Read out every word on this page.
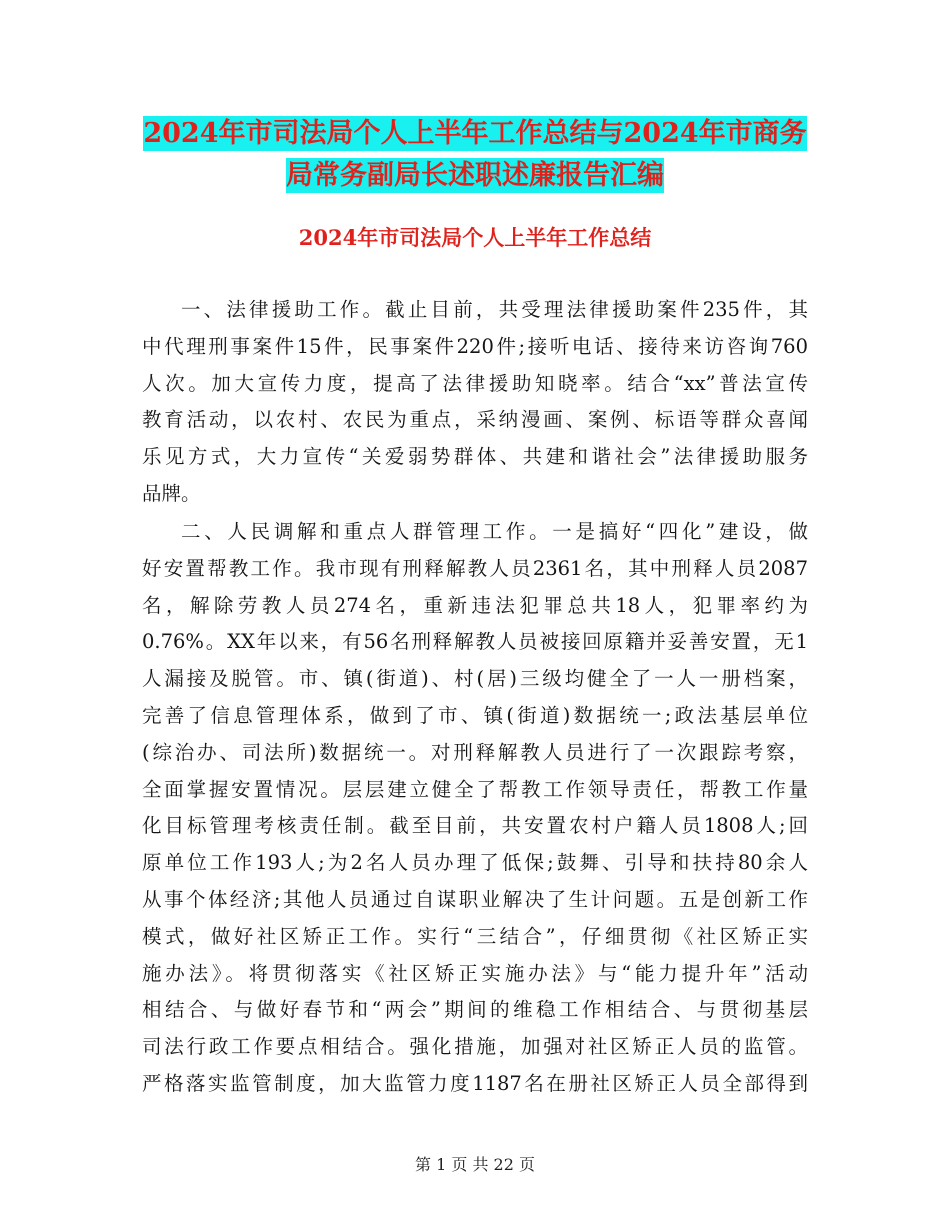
2024年市司法局个人上半年工作总结与2024年市商务
局常务副局长述职述廉报告汇编
2024年市司法局个人上半年工作总结

一、法律援助工作。截止目前，共受理法律援助案件235件，其
中代理刑事案件15件，民事案件220件;接听电话、接待来访咨询760
人次。加大宣传力度，提高了法律援助知晓率。结合“xx”普法宣传
教育活动，以农村、农民为重点，采纳漫画、案例、标语等群众喜闻
乐见方式，大力宣传“关爱弱势群体、共建和谐社会”法律援助服务
品牌。

二、人民调解和重点人群管理工作。一是搞好“四化”建设，做
好安置帮教工作。我市现有刑释解教人员2361名，其中刑释人员2087
名，解除劳教人员274名，重新违法犯罪总共18人，犯罪率约为
0.76%。XX年以来，有56名刑释解教人员被接回原籍并妥善安置，无1
人漏接及脱管。市、镇(街道)、村(居)三级均健全了一人一册档案，
完善了信息管理体系，做到了市、镇(街道)数据统一;政法基层单位
(综治办、司法所)数据统一。对刑释解教人员进行了一次跟踪考察，
全面掌握安置情况。层层建立健全了帮教工作领导责任，帮教工作量
化目标管理考核责任制。截至目前，共安置农村户籍人员1808人;回
原单位工作193人;为2名人员办理了低保;鼓舞、引导和扶持80余人
从事个体经济;其他人员通过自谋职业解决了生计问题。五是创新工作
模式，做好社区矫正工作。实行“三结合”，仔细贯彻《社区矫正实
施办法》。将贯彻落实《社区矫正实施办法》与“能力提升年”活动
相结合、与做好春节和“两会”期间的维稳工作相结合、与贯彻基层
司法行政工作要点相结合。强化措施，加强对社区矫正人员的监管。
严格落实监管制度，加大监管力度1187名在册社区矫正人员全部得到

第 1 页 共 22 页
